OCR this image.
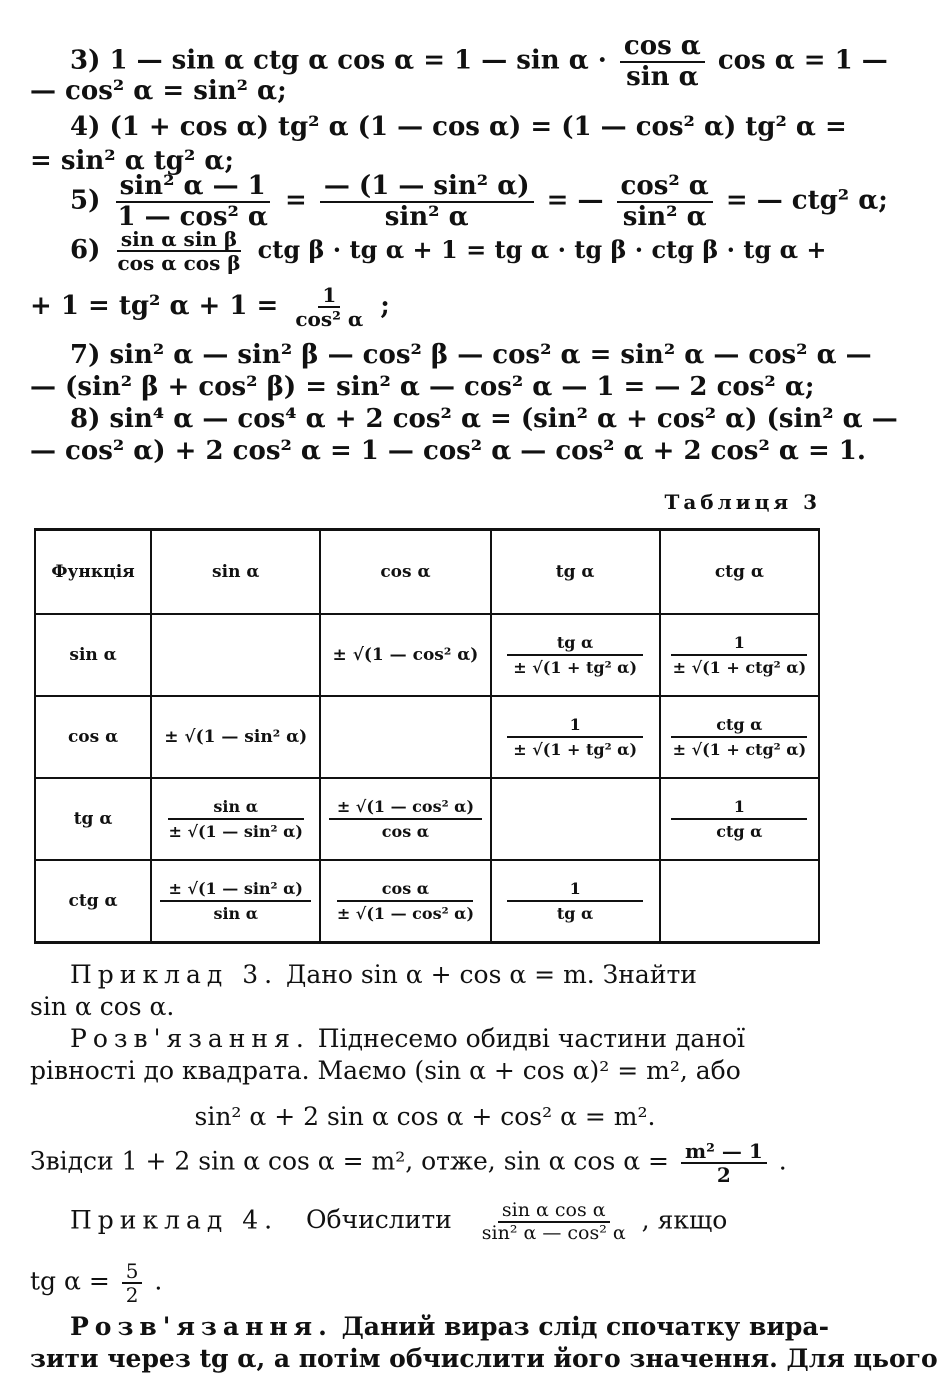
3) 1 — sin α ctg α cos α = 1 — $\sin \alpha \cdot \frac{\text{cos α}}{\text{sin α}}$ cos α = 1 —
— cos² α = sin² α;
4) (1 + cos α) tg² α (1 — cos α) = (1 — cos² α) tg² α =
= sin² α tg² α;
$5) \frac{\text{sin² α — 1}}{\text{1 — cos² α}} = \frac{\text{— (1 — sin² α)}}{\text{sin² α}}$ = — $\frac{\text{cos² α}}{\text{sin² α}}$ = — ctg² α;
$6) \frac{\text{sin α sin β}}{\text{cos α cos β}}$ ctg β · tg α + 1 = tg α · tg β · ctg β · tg α +
+ 1 = tg² $\alpha + 1 = \frac{1}{\text{cos² α}}$ ;
7) sin² α — sin² β — cos² β — cos² α = sin² α — cos² α —
— (sin² β + cos² β) = sin² α — cos² α — 1 = — 2 cos² α;
8) sin⁴ α — cos⁴ α + 2 cos² α = (sin² α + cos² α) (sin² α —
— cos² α) + 2 cos² α = 1 — cos² α — cos² α + 2 cos² α = 1.
Таблиця 3
Функція	sin α	cos α	tg α	ctg α
sin α		± √(1 — cos² α)	$\frac{\text{tg α}}{\text{± √(1 + tg² α)}}$	$\frac{1}{\text{± √(1 + ctg² α)}}$

cos α	± √(1 — sin² α)		$\frac{1}{\text{± √(1 + tg² α)}}$	$\frac{\text{ctg α}}{\text{± √(1 + ctg² α)}}$

tg α	$\frac{\text{sin α}}{\text{± √(1 — sin² α)}}$	$\frac{\text{± √(1 — cos² α)}}{\text{cos α}}$		$\frac{1}{\text{ctg α}}$

ctg α	$\frac{\text{± √(1 — sin² α)}}{\text{sin α}}$	$\frac{\text{cos α}}{\text{± √(1 — cos² α)}}$	$\frac{1}{\text{tg α}}$

Приклад 3. Дано sin α + cos α = m. Знайти
sin α cos α.
Розв'язання. Піднесемо обидві частини даної
рівності до квадрата. Маємо (sin α + cos α)² = m², або
sin² α + 2 sin α cos α + cos² α = m².
Звідси 1 + 2 sin α cos α = m², отже, sin α $\cos \alpha = \frac{\text{m² — 1}}{2}$ .
Приклад 4. Обчислити $\frac{\text{sin α cos α}}{\text{sin² α — cos² α}}$ , якщо
tg $\alpha = \frac{5}{2}$ .
Розв'язання. Даний вираз слід спочатку вира-
зити через tg α, а потім обчислити його значення. Для цього
